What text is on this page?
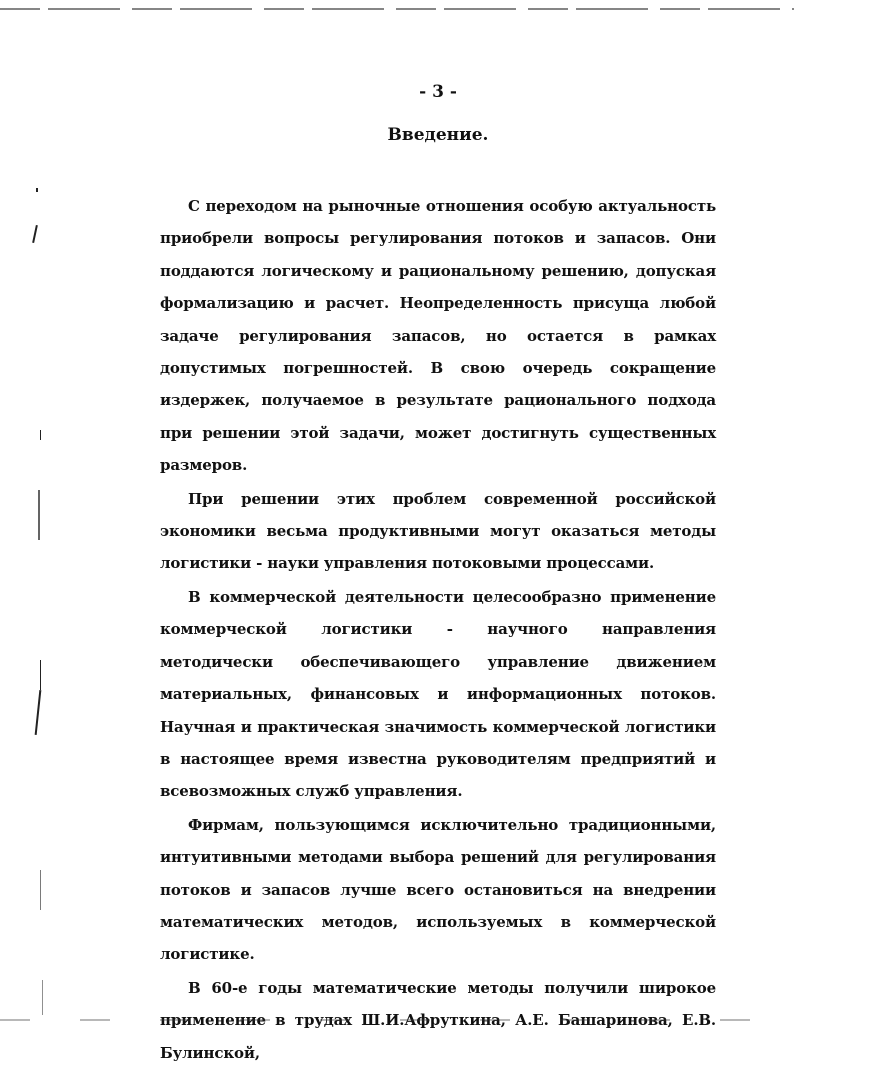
- 3 -
Введение.

С переходом на рыночные отношения особую актуальность приобрели вопросы регулирования потоков и запасов. Они поддаются логическому и рациональному решению, допуская формализацию и расчет. Неопределенность присуща любой задаче регулирования запасов, но остается в рамках допустимых погрешностей. В свою очередь сокращение издержек, получаемое в результате рационального подхода при решении этой задачи, может достигнуть существенных размеров.

При решении этих проблем современной российской экономики весьма продуктивными могут оказаться методы логистики - науки управления потоковыми процессами.

В коммерческой деятельности целесообразно применение коммерческой логистики - научного направления методически обеспечивающего управление движением материальных, финансовых и информационных потоков. Научная и практическая значимость коммерческой логистики в настоящее время известна руководителям предприятий и всевозможных служб управления.

Фирмам, пользующимся исключительно традиционными, интуитивными методами выбора решений для регулирования потоков и запасов лучше всего остановиться на внедрении математических методов, используемых в коммерческой логистике.

В 60-е годы математические методы получили широкое применение в трудах Ш.И.Афруткина, А.Е. Башаринова, Е.В. Булинской,
